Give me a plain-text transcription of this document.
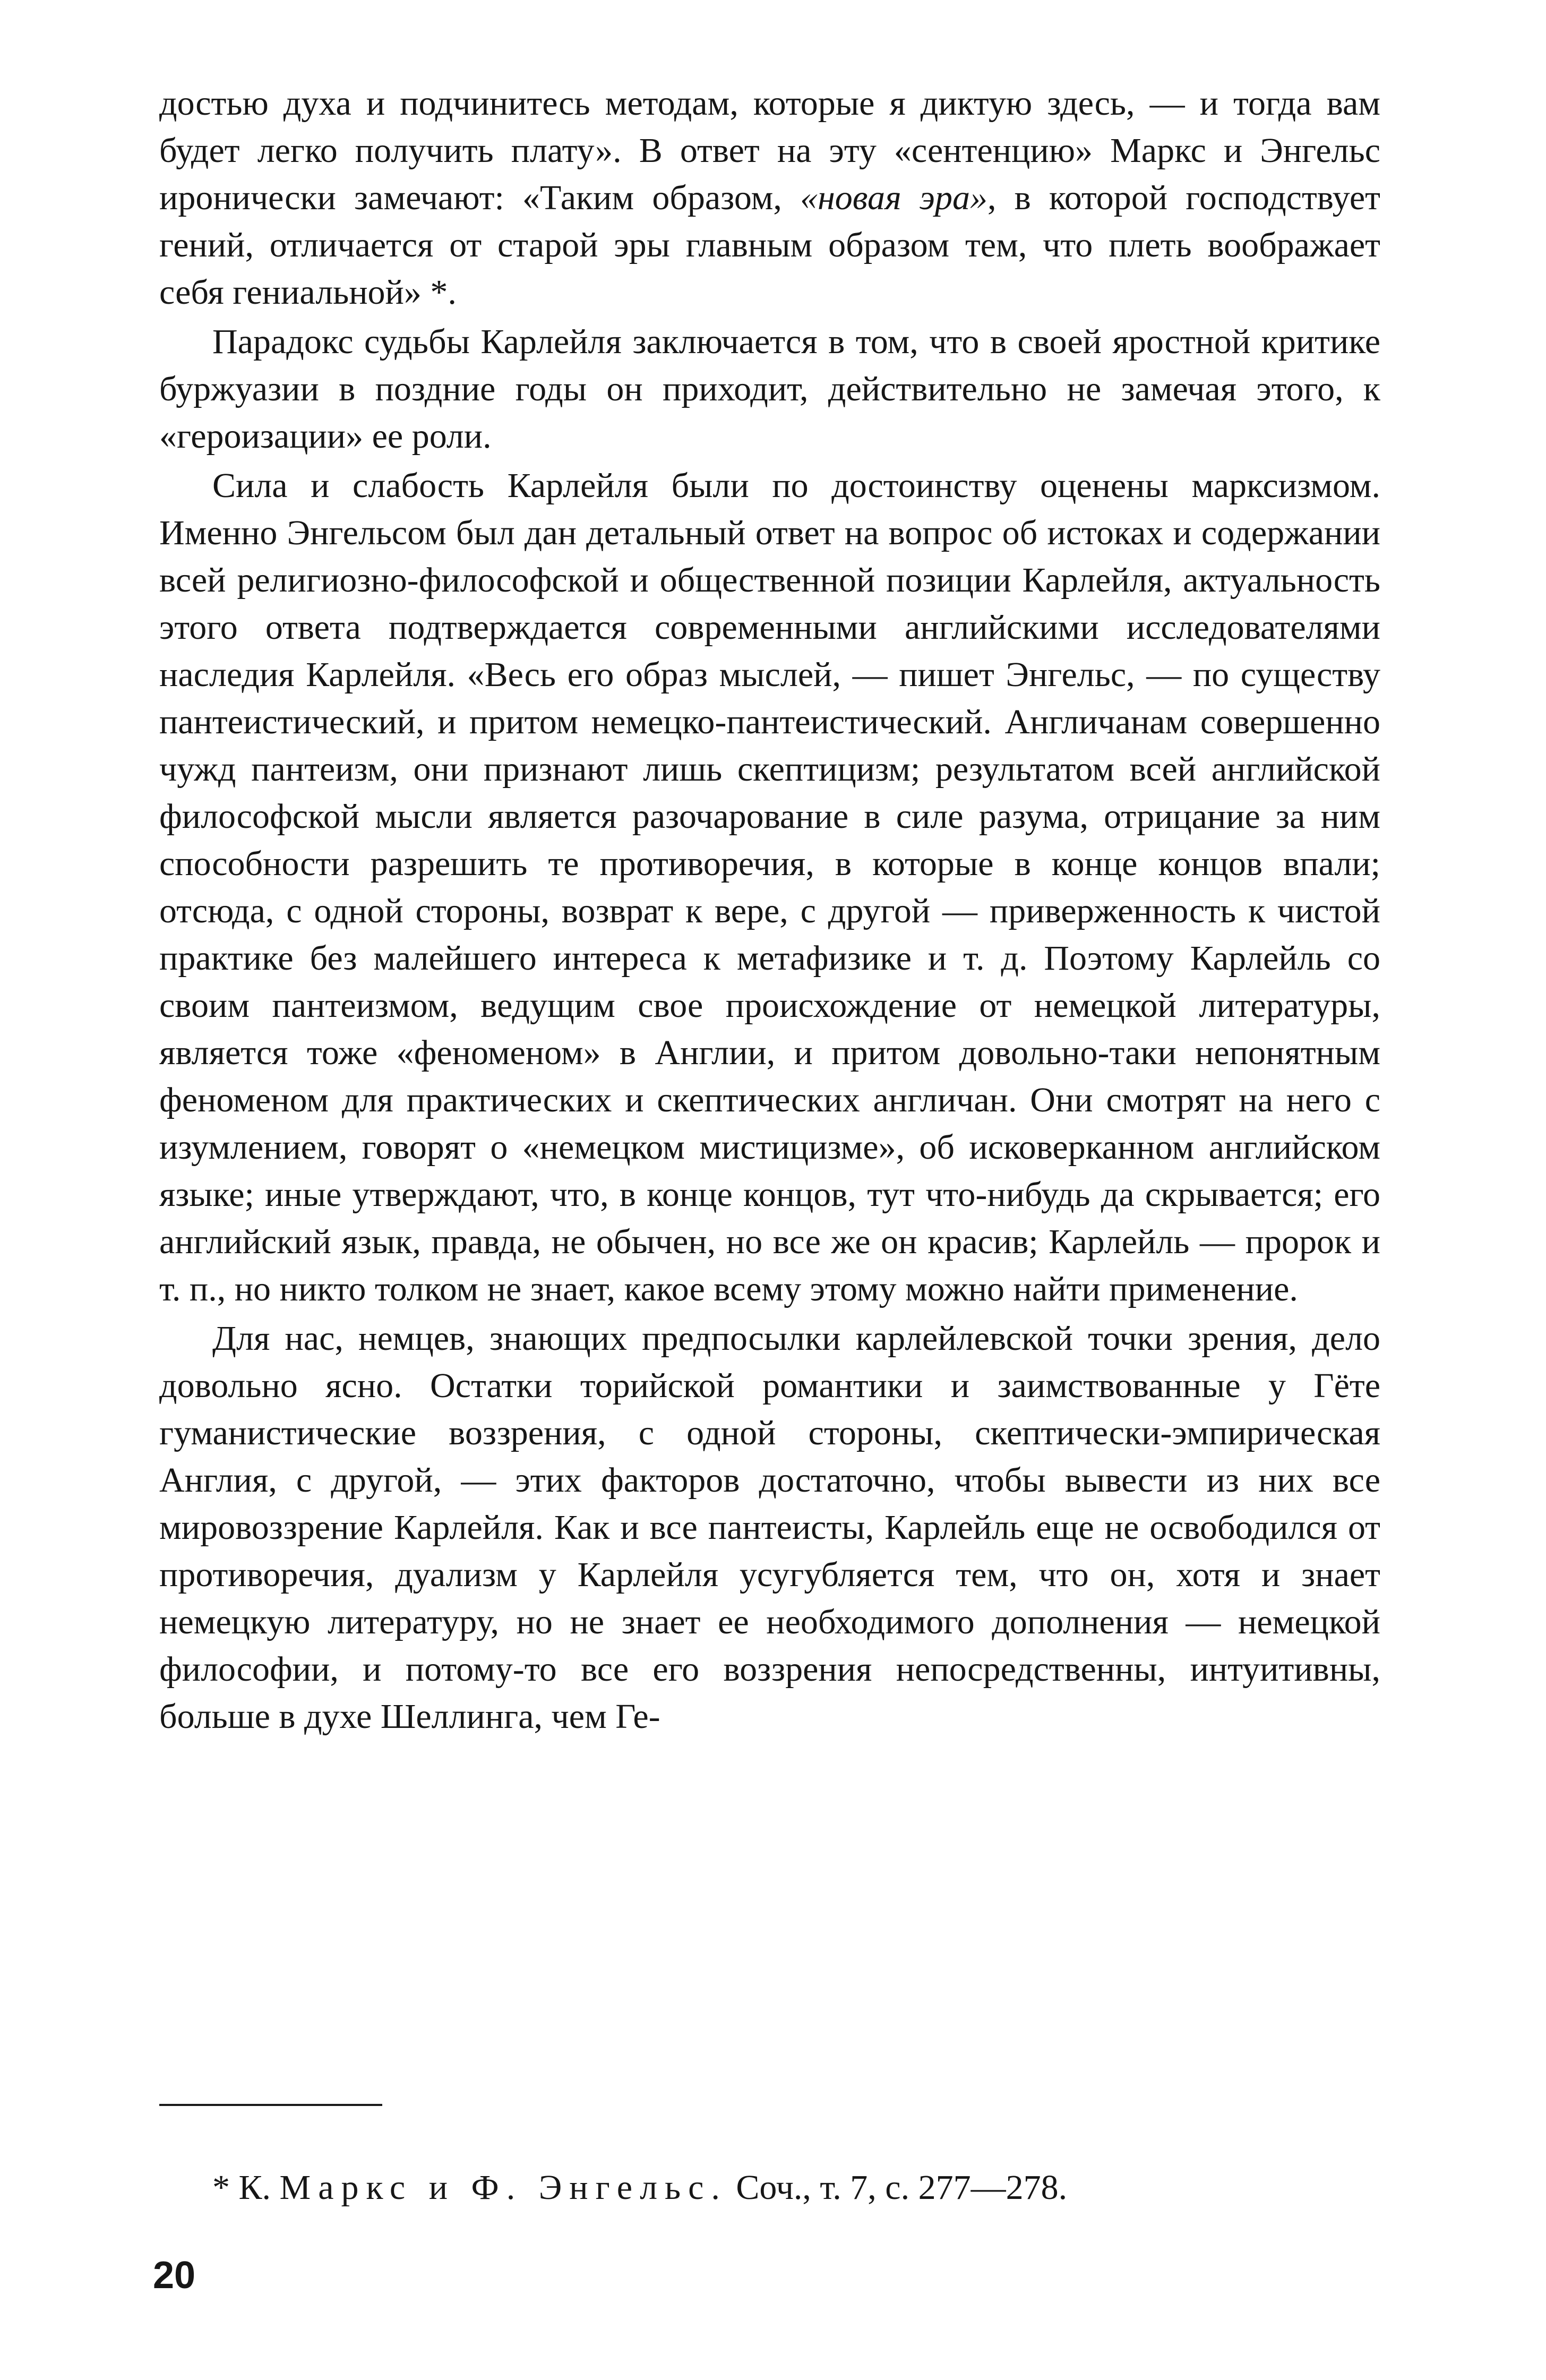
достью духа и подчинитесь методам, которые я диктую здесь, — и тогда вам будет легко получить плату». В ответ на эту «сентенцию» Маркс и Энгельс иронически замечают: «Таким образом, «новая эра», в которой господствует гений, отличается от старой эры главным образом тем, что плеть воображает себя гениальной» *.

Парадокс судьбы Карлейля заключается в том, что в своей яростной критике буржуазии в поздние годы он приходит, действительно не замечая этого, к «героизации» ее роли.

Сила и слабость Карлейля были по достоинству оценены марксизмом. Именно Энгельсом был дан детальный ответ на вопрос об истоках и содержании всей религиозно-философской и общественной позиции Карлейля, актуальность этого ответа подтверждается современными английскими исследователями наследия Карлейля. «Весь его образ мыслей, — пишет Энгельс, — по существу пантеистический, и притом немецко-пантеистический. Англичанам совершенно чужд пантеизм, они признают лишь скептицизм; результатом всей английской философской мысли является разочарование в силе разума, отрицание за ним способности разрешить те противоречия, в которые в конце концов впали; отсюда, с одной стороны, возврат к вере, с другой — приверженность к чистой практике без малейшего интереса к метафизике и т. д. Поэтому Карлейль со своим пантеизмом, ведущим свое происхождение от немецкой литературы, является тоже «феноменом» в Англии, и притом довольно-таки непонятным феноменом для практических и скептических англичан. Они смотрят на него с изумлением, говорят о «немецком мистицизме», об исковерканном английском языке; иные утверждают, что, в конце концов, тут что-нибудь да скрывается; его английский язык, правда, не обычен, но все же он красив; Карлейль — пророк и т. п., но никто толком не знает, какое всему этому можно найти применение.

Для нас, немцев, знающих предпосылки карлейлевской точки зрения, дело довольно ясно. Остатки торийской романтики и заимствованные у Гёте гуманистические воззрения, с одной стороны, скептически-эмпирическая Англия, с другой, — этих факторов достаточно, чтобы вывести из них все мировоззрение Карлейля. Как и все пантеисты, Карлейль еще не освободился от противоречия, дуализм у Карлейля усугубляется тем, что он, хотя и знает немецкую литературу, но не знает ее необходимого дополнения — немецкой философии, и потому-то все его воззрения непосредственны, интуитивны, больше в духе Шеллинга, чем Ге-

* К. Маркс и Ф. Энгельс. Соч., т. 7, с. 277—278.
20
